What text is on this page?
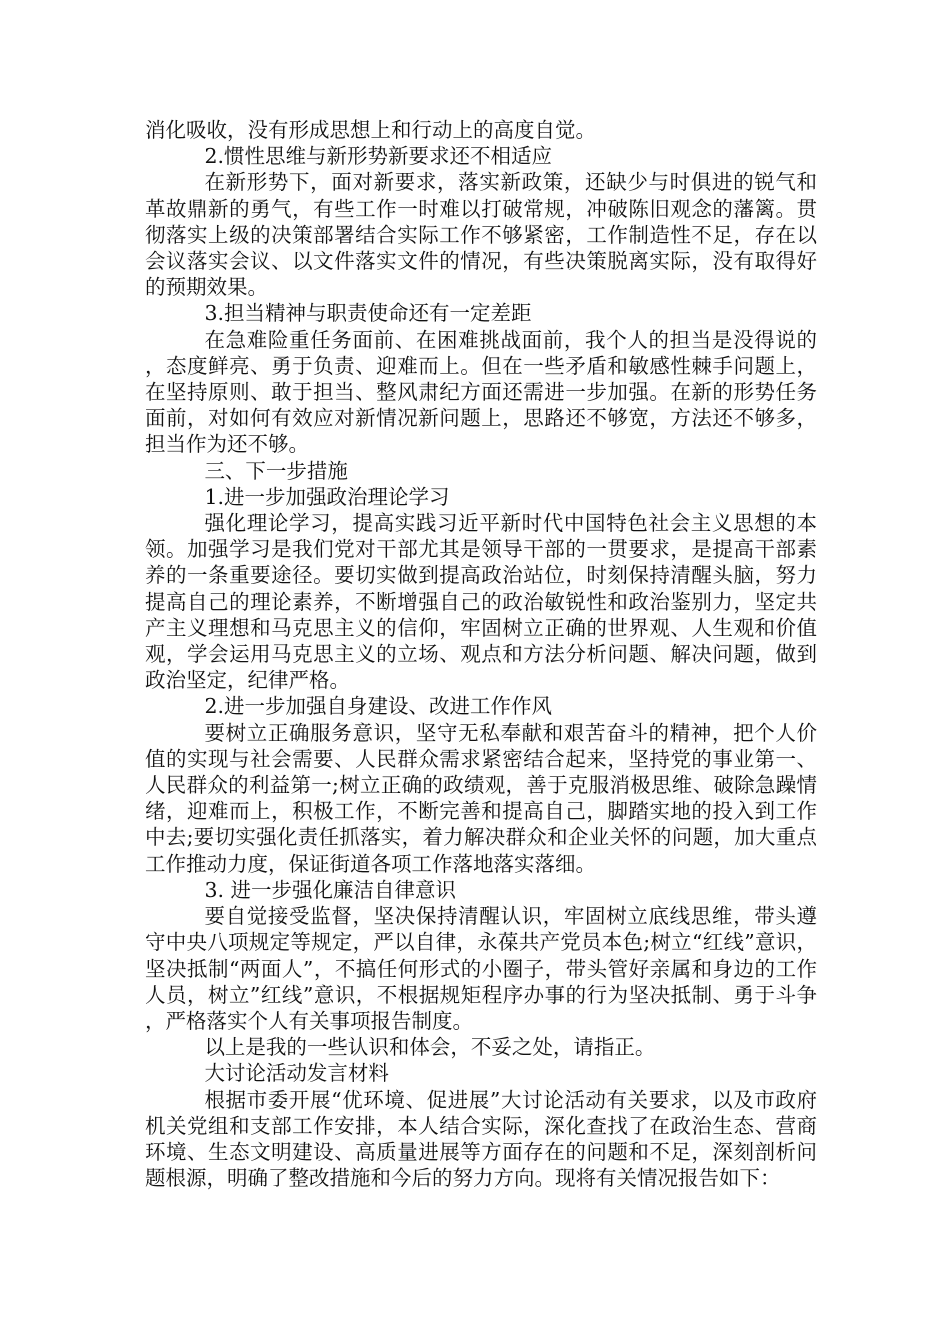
消化吸收，没有形成思想上和行动上的高度自觉。

2.惯性思维与新形势新要求还不相适应

在新形势下，面对新要求，落实新政策，还缺少与时俱进的锐气和革故鼎新的勇气，有些工作一时难以打破常规，冲破陈旧观念的藩篱。贯彻落实上级的决策部署结合实际工作不够紧密，工作制造性不足，存在以会议落实会议、以文件落实文件的情况，有些决策脱离实际，没有取得好的预期效果。

3.担当精神与职责使命还有一定差距

在急难险重任务面前、在困难挑战面前，我个人的担当是没得说的，态度鲜亮、勇于负责、迎难而上。但在一些矛盾和敏感性棘手问题上，在坚持原则、敢于担当、整风肃纪方面还需进一步加强。在新的形势任务面前，对如何有效应对新情况新问题上，思路还不够宽，方法还不够多，担当作为还不够。

三、下一步措施

1.进一步加强政治理论学习

强化理论学习，提高实践习近平新时代中国特色社会主义思想的本领。加强学习是我们党对干部尤其是领导干部的一贯要求，是提高干部素养的一条重要途径。要切实做到提高政治站位，时刻保持清醒头脑，努力提高自己的理论素养，不断增强自己的政治敏锐性和政治鉴别力，坚定共产主义理想和马克思主义的信仰，牢固树立正确的世界观、人生观和价值观，学会运用马克思主义的立场、观点和方法分析问题、解决问题，做到政治坚定，纪律严格。

2.进一步加强自身建设、改进工作作风

要树立正确服务意识，坚守无私奉献和艰苦奋斗的精神，把个人价值的实现与社会需要、人民群众需求紧密结合起来，坚持党的事业第一、人民群众的利益第一;树立正确的政绩观，善于克服消极思维、破除急躁情绪，迎难而上，积极工作，不断完善和提高自己，脚踏实地的投入到工作中去;要切实强化责任抓落实，着力解决群众和企业关怀的问题，加大重点工作推动力度，保证街道各项工作落地落实落细。

3. 进一步强化廉洁自律意识

要自觉接受监督，坚决保持清醒认识，牢固树立底线思维，带头遵守中央八项规定等规定，严以自律，永葆共产党员本色;树立“红线”意识，坚决抵制“两面人”，不搞任何形式的小圈子，带头管好亲属和身边的工作人员，树立”红线”意识，不根据规矩程序办事的行为坚决抵制、勇于斗争，严格落实个人有关事项报告制度。

以上是我的一些认识和体会，不妥之处，请指正。

大讨论活动发言材料

根据市委开展“优环境、促进展”大讨论活动有关要求，以及市政府机关党组和支部工作安排，本人结合实际，深化查找了在政治生态、营商环境、生态文明建设、高质量进展等方面存在的问题和不足，深刻剖析问题根源，明确了整改措施和今后的努力方向。现将有关情况报告如下：
